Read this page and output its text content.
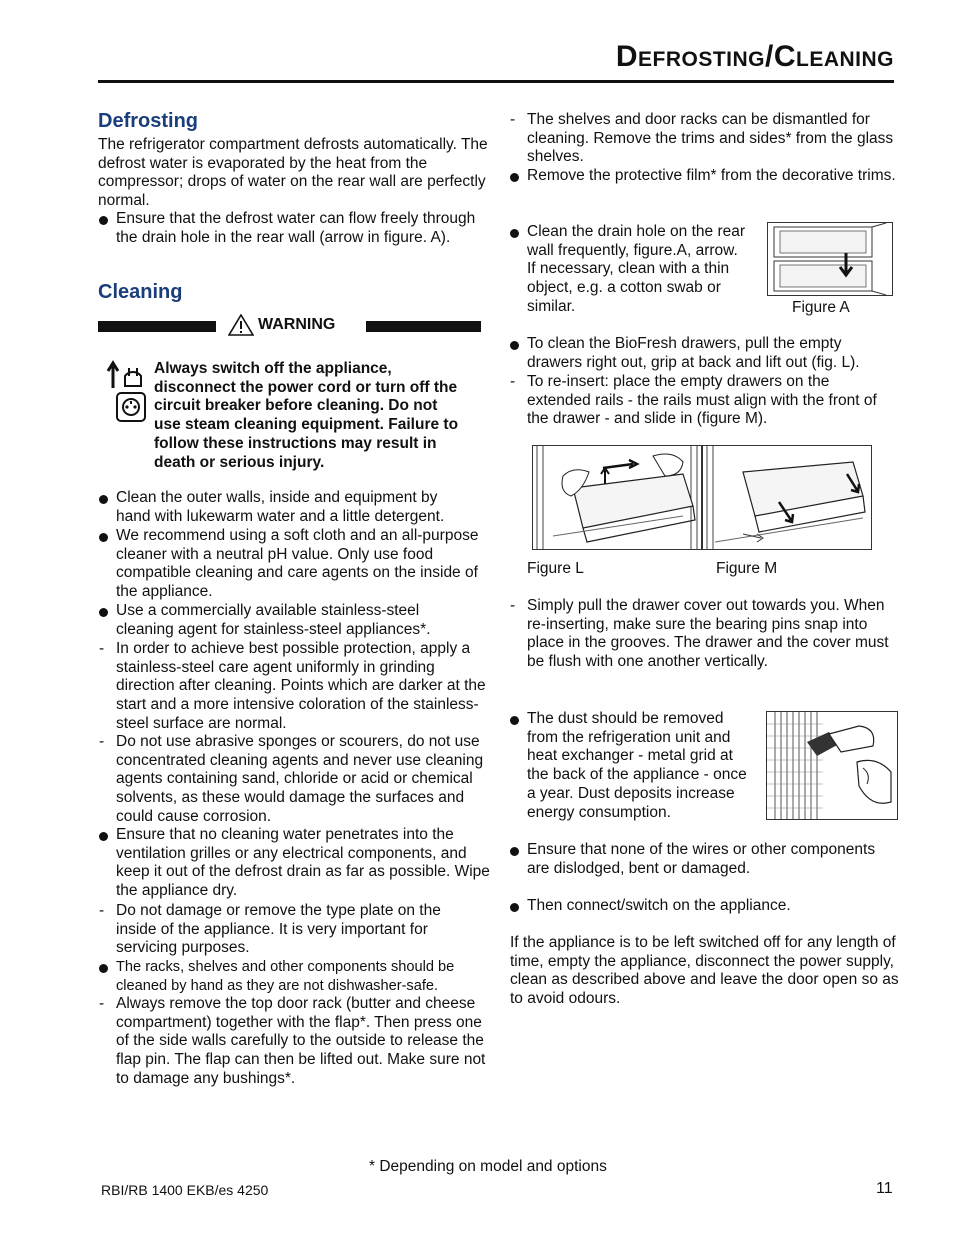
Defrosting/Cleaning
Defrosting
The refrigerator compartment defrosts automatically. The defrost water is evaporated by the heat from the compressor; drops of water on the rear wall are perfectly normal.
Ensure that the defrost water can flow freely through the drain hole in the rear wall (arrow in figure. A).
Cleaning
WARNING
Always switch off the appliance, disconnect the power cord or turn off the circuit breaker before cleaning. Do not use steam cleaning equipment. Failure to follow these instructions may result in death or serious injury.
Clean the outer walls, inside and equipment by hand with lukewarm water and a little detergent.
We recommend using a soft cloth and an all-purpose cleaner with a neutral pH value. Only use food compatible cleaning and care agents on the inside of the appliance.
Use a commercially available stainless-steel cleaning agent for stainless-steel appliances*.
- In order to achieve best possible protection, apply a stainless-steel care agent uniformly in grinding direction after cleaning. Points which are darker at the start and a more intensive coloration of the stainless-steel surface are normal.
- Do not use abrasive sponges or scourers, do not use concentrated cleaning agents and never use cleaning agents containing sand, chloride or acid or chemical solvents, as these would damage the surfaces and could cause corrosion.
Ensure that no cleaning water penetrates into the ventilation grilles or any electrical components, and keep it out of the defrost drain as far as possible. Wipe the appliance dry.
- Do not damage or remove the type plate on the inside of the appliance. It is very important for servicing purposes.
The racks, shelves and other components should be cleaned by hand as they are not dishwasher-safe.
- Always remove the top door rack (butter and cheese compartment) together with the flap*. Then press one of the side walls carefully to the outside to release the flap pin. The flap can then be lifted out. Make sure not to damage any bushings*.
- The shelves and door racks can be dismantled for cleaning. Remove the trims and sides* from the glass shelves.
Remove the protective film* from the decorative trims.
Clean the drain hole on the rear wall frequently, figure.A, arrow. If necessary, clean with a thin object, e.g. a cotton swab or similar.	Figure A
To clean the BioFresh drawers, pull the empty drawers right out, grip at back and lift out (fig. L).
- To re-insert: place the empty drawers on the extended rails - the rails must align with the front of the drawer - and slide in (figure M).
Figure L	Figure M
- Simply pull the drawer cover out towards you. When re-inserting, make sure the bearing pins snap into place in the grooves. The drawer and the cover must be flush with one another vertically.
The dust should be removed from the refrigeration unit and heat exchanger - metal grid at the back of the appliance - once a year. Dust deposits increase energy consumption.
Ensure that none of the wires or other components are dislodged, bent or damaged.
Then connect/switch on the appliance.
If the appliance is to be left switched off for any length of time, empty the appliance, disconnect the power supply, clean as described above and leave the door open so as to avoid odours.
* Depending on model and options
RBI/RB 1400 EKB/es 4250	11
